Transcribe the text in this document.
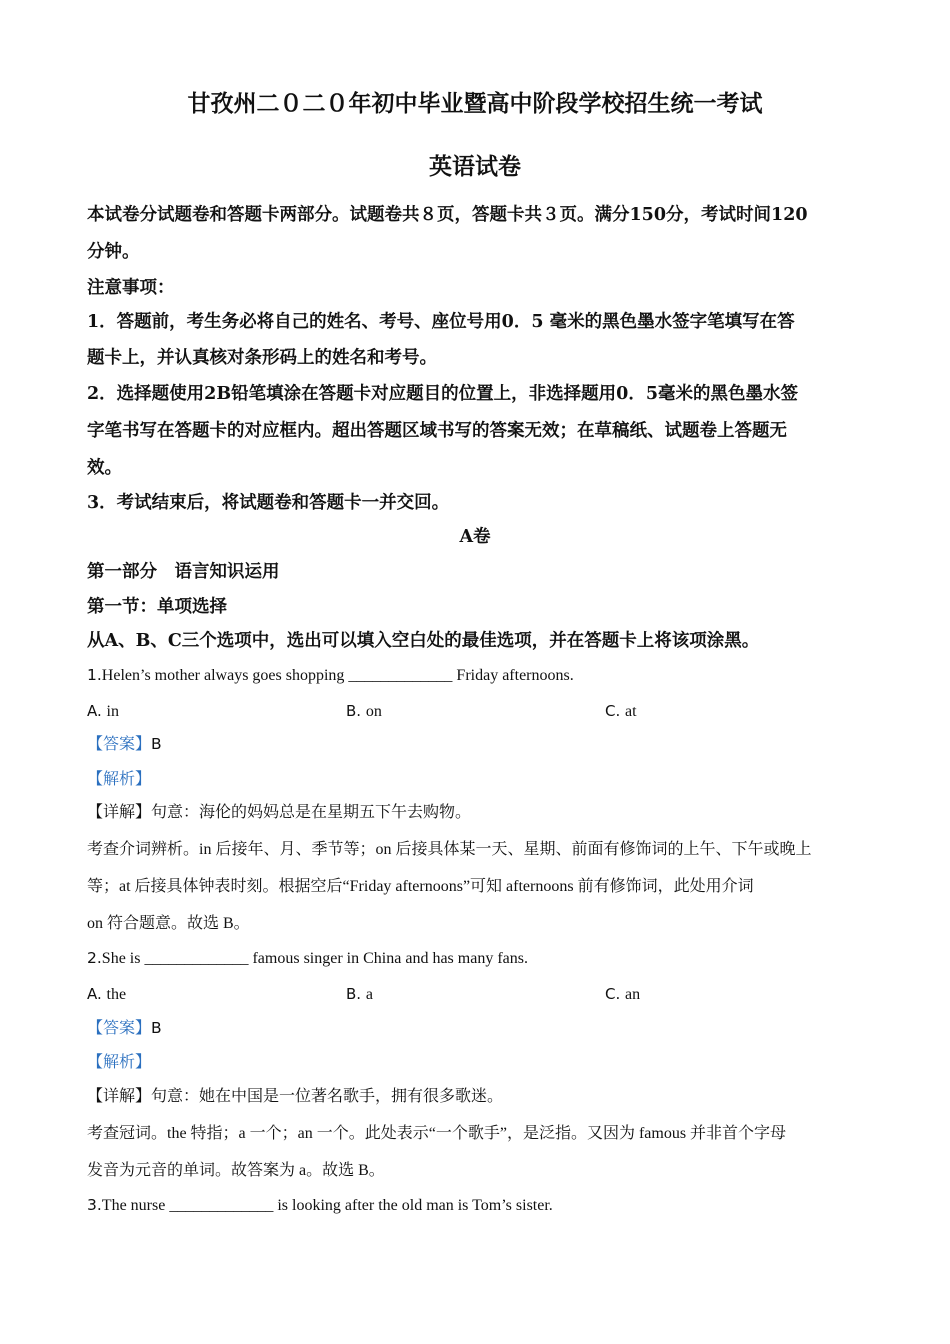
甘孜州二０二０年初中毕业暨高中阶段学校招生统一考试
英语试卷
本试卷分试题卷和答题卡两部分。试题卷共８页，答题卡共３页。满分150分，考试时间120
分钟。
注意事项：
1．答题前，考生务必将自己的姓名、考号、座位号用0．5 毫米的黑色墨水签字笔填写在答
题卡上，并认真核对条形码上的姓名和考号。
2．选择题使用2B铅笔填涂在答题卡对应题目的位置上，非选择题用0．5毫米的黑色墨水签
字笔书写在答题卡的对应框内。超出答题区域书写的答案无效；在草稿纸、试题卷上答题无
效。
3．考试结束后，将试题卷和答题卡一并交回。
A卷
第一部分　语言知识运用
第一节：单项选择
从A、B、C三个选项中，选出可以填入空白处的最佳选项，并在答题卡上将该项涂黑。
1.Helen’s mother always goes shopping _____________ Friday afternoons.
A. in	B. on	C. at
【答案】B
【解析】
【详解】句意：海伦的妈妈总是在星期五下午去购物。
考查介词辨析。in 后接年、月、季节等；on 后接具体某一天、星期、前面有修饰词的上午、下午或晚上
等；at 后接具体钟表时刻。根据空后“Friday afternoons”可知 afternoons 前有修饰词，此处用介词
on 符合题意。故选 B。
2.She is _____________ famous singer in China and has many fans.
A. the	B. a	C. an
【答案】B
【解析】
【详解】句意：她在中国是一位著名歌手，拥有很多歌迷。
考查冠词。the 特指；a 一个；an 一个。此处表示“一个歌手”，是泛指。又因为 famous 并非首个字母
发音为元音的单词。故答案为 a。故选 B。
3.The nurse _____________ is looking after the old man is Tom’s sister.
